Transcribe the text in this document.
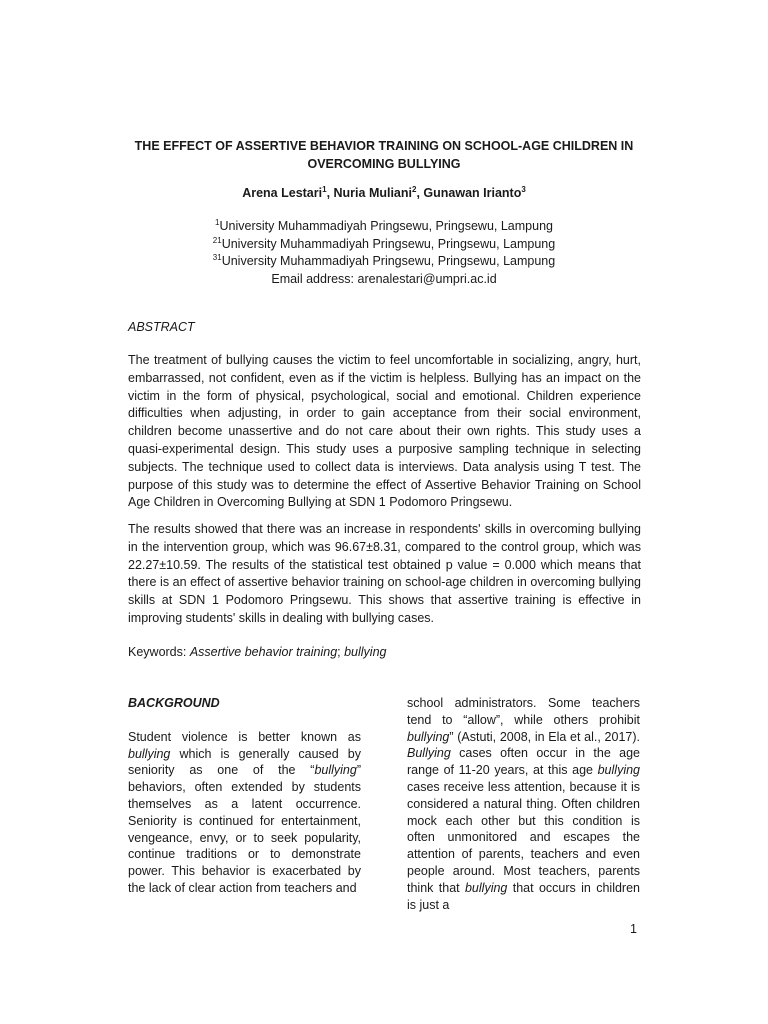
THE EFFECT OF ASSERTIVE BEHAVIOR TRAINING ON SCHOOL-AGE CHILDREN IN OVERCOMING BULLYING
Arena Lestari$^1$, Nuria Muliani$^2$, Gunawan Irianto$^3$
$^1$University Muhammadiyah Pringsewu, Pringsewu, Lampung
$^{21}$University Muhammadiyah Pringsewu, Pringsewu, Lampung
$^{31}$University Muhammadiyah Pringsewu, Pringsewu, Lampung
Email address: arenalestari@umpri.ac.id
ABSTRACT
The treatment of bullying causes the victim to feel uncomfortable in socializing, angry, hurt, embarrassed, not confident, even as if the victim is helpless. Bullying has an impact on the victim in the form of physical, psychological, social and emotional. Children experience difficulties when adjusting, in order to gain acceptance from their social environment, children become unassertive and do not care about their own rights. This study uses a quasi-experimental design. This study uses a purposive sampling technique in selecting subjects. The technique used to collect data is interviews. Data analysis using T test. The purpose of this study was to determine the effect of Assertive Behavior Training on School Age Children in Overcoming Bullying at SDN 1 Podomoro Pringsewu.
The results showed that there was an increase in respondents' skills in overcoming bullying in the intervention group, which was 96.67±8.31, compared to the control group, which was 22.27±10.59. The results of the statistical test obtained p value = 0.000 which means that there is an effect of assertive behavior training on school-age children in overcoming bullying skills at SDN 1 Podomoro Pringsewu. This shows that assertive training is effective in improving students' skills in dealing with bullying cases.
Keywords: Assertive behavior training; bullying
BACKGROUND
Student violence is better known as bullying which is generally caused by seniority as one of the “bullying” behaviors, often extended by students themselves as a latent occurrence. Seniority is continued for entertainment, vengeance, envy, or to seek popularity, continue traditions or to demonstrate power. This behavior is exacerbated by the lack of clear action from teachers and
school administrators. Some teachers tend to “allow”, while others prohibit bullying” (Astuti, 2008, in Ela et al., 2017). Bullying cases often occur in the age range of 11-20 years, at this age bullying cases receive less attention, because it is considered a natural thing. Often children mock each other but this condition is often unmonitored and escapes the attention of parents, teachers and even people around. Most teachers, parents think that bullying that occurs in children is just a
1
